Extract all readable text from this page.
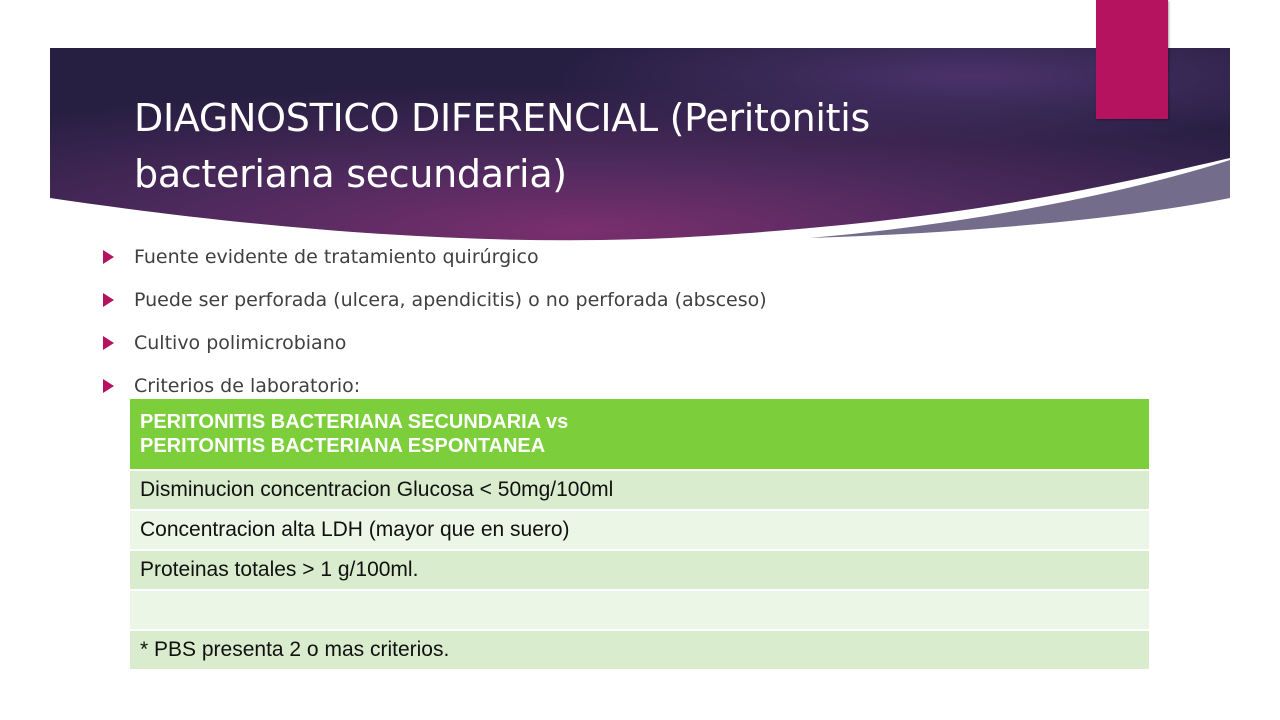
DIAGNOSTICO DIFERENCIAL (Peritonitis
bacteriana secundaria)
Fuente evidente de tratamiento quirúrgico
Puede ser perforada (ulcera, apendicitis) o no perforada (absceso)
Cultivo polimicrobiano
Criterios de laboratorio:
PERITONITIS BACTERIANA SECUNDARIA vs
PERITONITIS BACTERIANA ESPONTANEA
Disminucion concentracion Glucosa < 50mg/100ml
Concentracion alta LDH (mayor que en suero)
Proteinas totales > 1 g/100ml.

* PBS presenta 2 o mas criterios.
